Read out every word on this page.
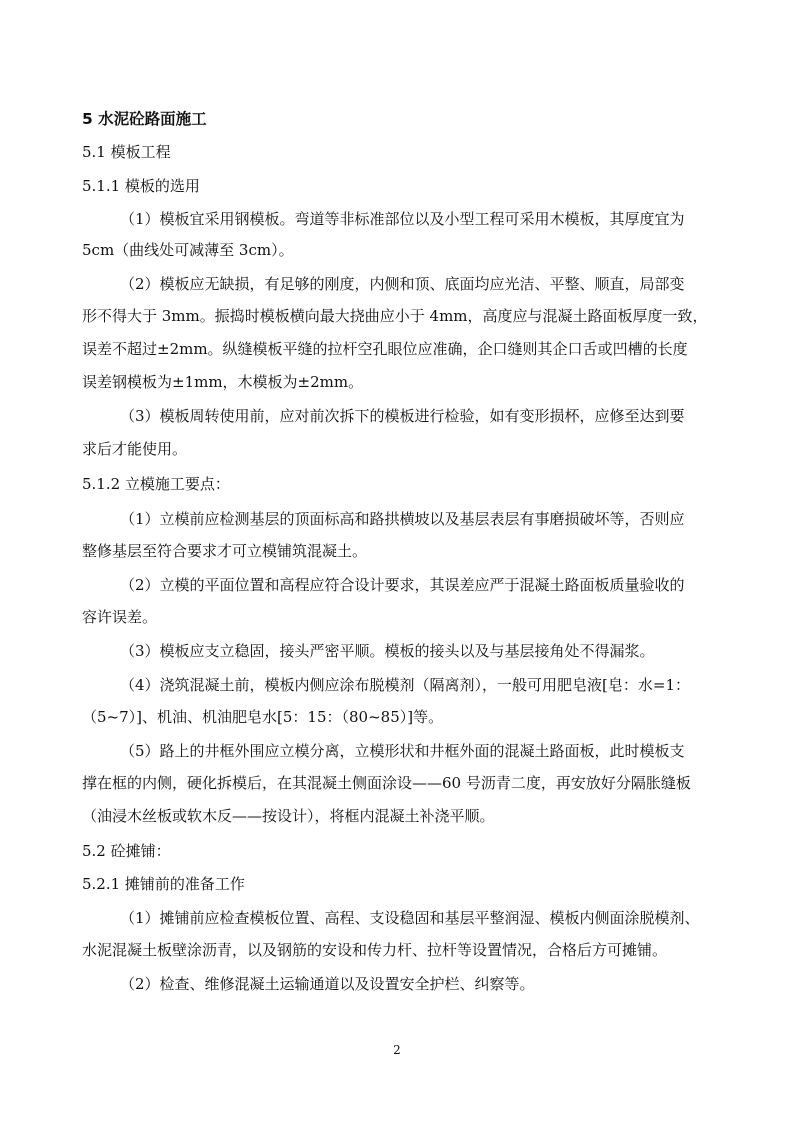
5 水泥砼路面施工
5.1 模板工程
5.1.1 模板的选用
（1）模板宜采用钢模板。弯道等非标准部位以及小型工程可采用木模板，其厚度宜为
5cm（曲线处可减薄至 3cm）。
（2）模板应无缺损，有足够的刚度，内侧和顶、底面均应光洁、平整、顺直，局部变
形不得大于 3mm。振捣时模板横向最大挠曲应小于 4mm，高度应与混凝土路面板厚度一致，
误差不超过±2mm。纵缝模板平缝的拉杆空孔眼位应准确，企口缝则其企口舌或凹槽的长度
误差钢模板为±1mm，木模板为±2mm。
（3）模板周转使用前，应对前次拆下的模板进行检验，如有变形损杯，应修至达到要
求后才能使用。
5.1.2 立模施工要点：
（1）立模前应检测基层的顶面标高和路拱横坡以及基层表层有事磨损破坏等，否则应
整修基层至符合要求才可立模铺筑混凝土。
（2）立模的平面位置和高程应符合设计要求，其误差应严于混凝土路面板质量验收的
容许误差。
（3）模板应支立稳固，接头严密平顺。模板的接头以及与基层接角处不得漏浆。
（4）浇筑混凝土前，模板内侧应涂布脱模剂（隔离剂），一般可用肥皂液[皂：水=1：
（5~7）]、机油、机油肥皂水[5：15：（80~85）]等。
（5）路上的井框外围应立模分离，立模形状和井框外面的混凝土路面板，此时模板支
撑在框的内侧，硬化拆模后，在其混凝土侧面涂设——60 号沥青二度，再安放好分隔胀缝板
（油浸木丝板或软木反——按设计），将框内混凝土补浇平顺。
5.2 砼摊铺：
5.2.1 摊铺前的准备工作
（1）摊铺前应检查模板位置、高程、支设稳固和基层平整润湿、模板内侧面涂脱模剂、
水泥混凝土板壁涂沥青，以及钢筋的安设和传力杆、拉杆等设置情况，合格后方可摊铺。
（2）检查、维修混凝土运输通道以及设置安全护栏、纠察等。
2
